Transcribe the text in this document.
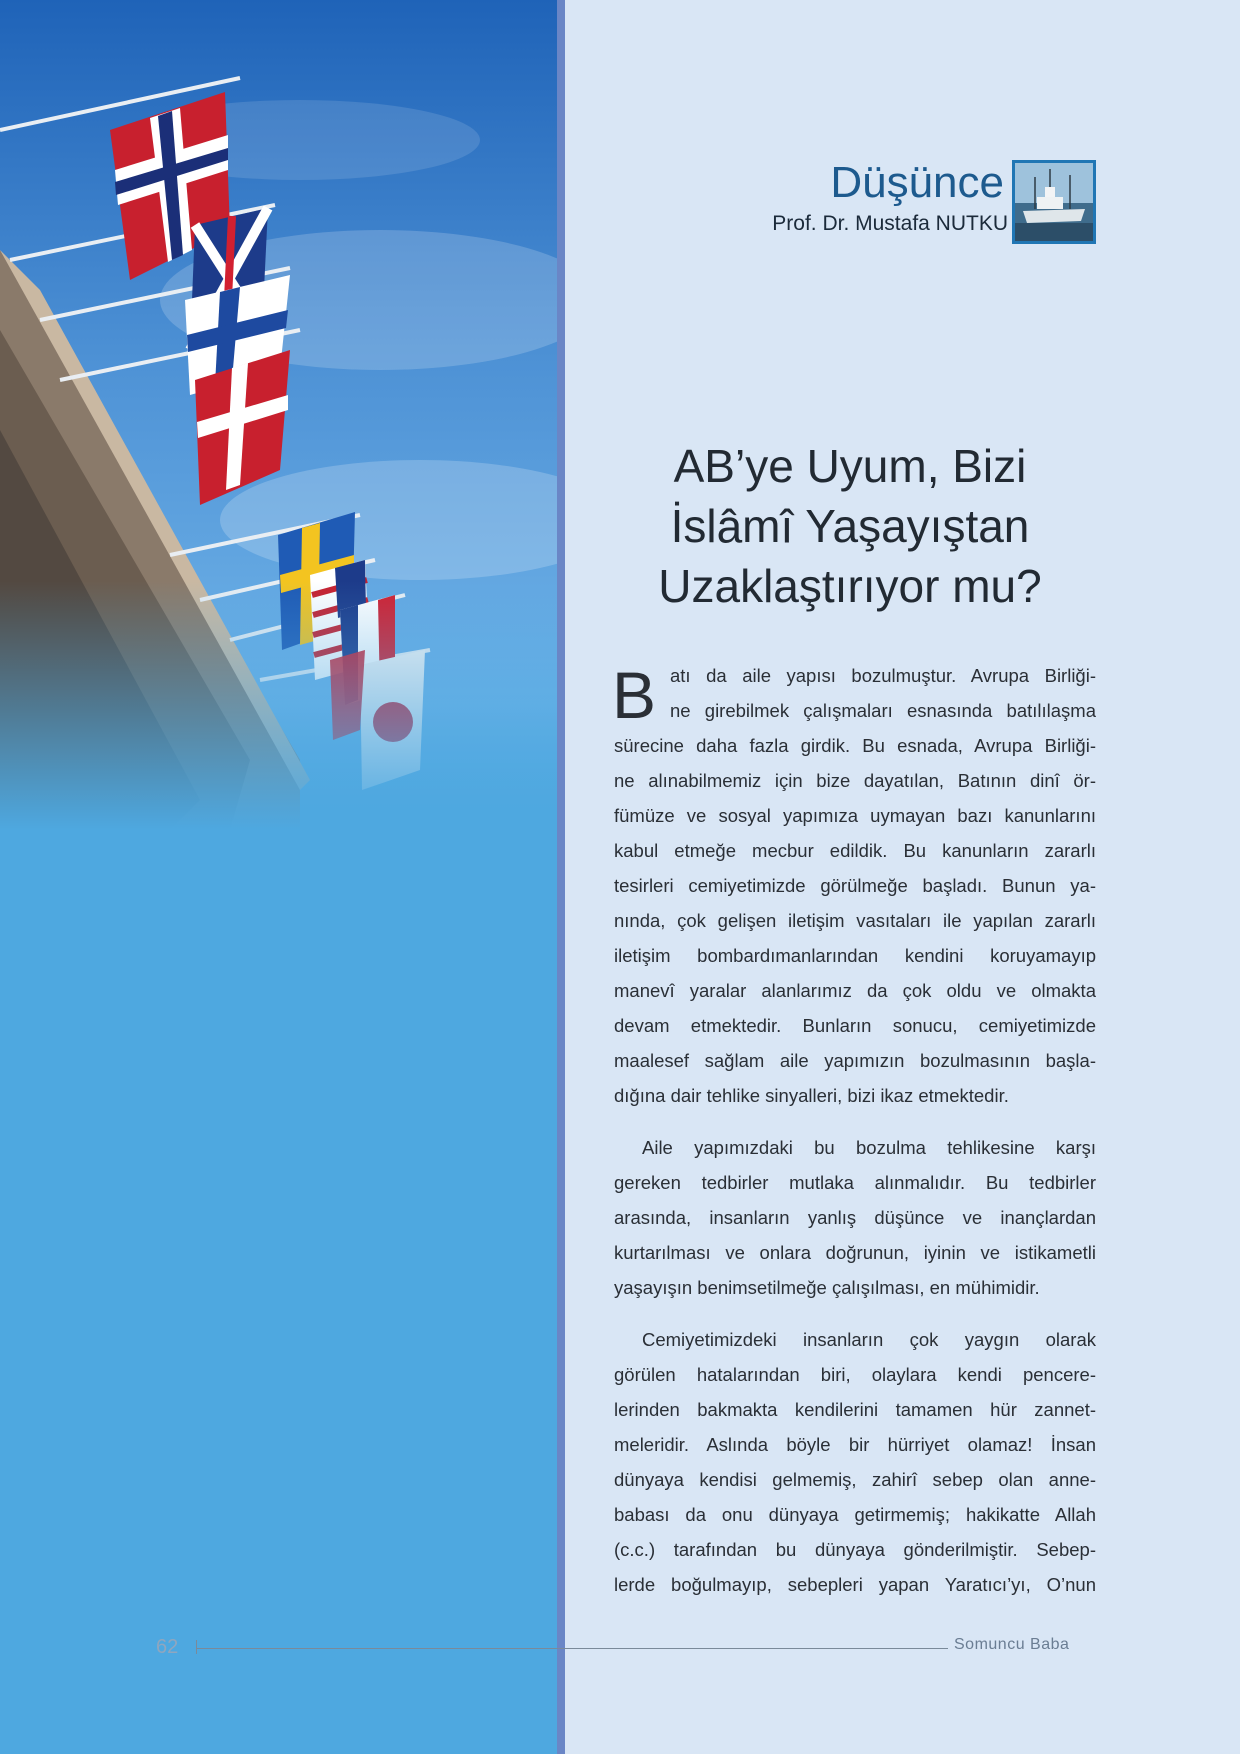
Düşünce
Prof. Dr. Mustafa NUTKU
AB’ye Uyum, Bizi
İslâmî Yaşayıştan
Uzaklaştırıyor mu?
B atı da aile yapısı bozulmuştur. Avrupa Birliği-
ne girebilmek çalışmaları esnasında batılılaşma
sürecine daha fazla girdik. Bu esnada, Avrupa Birliği-
ne alınabilmemiz için bize dayatılan, Batının dinî ör-
fümüze ve sosyal yapımıza uymayan bazı kanunlarını
kabul etmeğe mecbur edildik. Bu kanunların zararlı
tesirleri cemiyetimizde görülmeğe başladı. Bunun ya-
nında, çok gelişen iletişim vasıtaları ile yapılan zararlı
iletişim bombardımanlarından kendini koruyamayıp
manevî yaralar alanlarımız da çok oldu ve olmakta
devam etmektedir. Bunların sonucu, cemiyetimizde
maalesef sağlam aile yapımızın bozulmasının başla-
dığına dair tehlike sinyalleri, bizi ikaz etmektedir.
Aile yapımızdaki bu bozulma tehlikesine karşı
gereken tedbirler mutlaka alınmalıdır. Bu tedbirler
arasında, insanların yanlış düşünce ve inançlardan
kurtarılması ve onlara doğrunun, iyinin ve istikametli
yaşayışın benimsetilmeğe çalışılması, en mühimidir.
Cemiyetimizdeki insanların çok yaygın olarak
görülen hatalarından biri, olaylara kendi pencere-
lerinden bakmakta kendilerini tamamen hür zannet-
meleridir. Aslında böyle bir hürriyet olamaz! İnsan
dünyaya kendisi gelmemiş, zahirî sebep olan anne-
babası da onu dünyaya getirmemiş; hakikatte Allah
(c.c.) tarafından bu dünyaya gönderilmiştir. Sebep-
lerde boğulmayıp, sebepleri yapan Yaratıcı’yı, O’nun
62	Somuncu Baba
